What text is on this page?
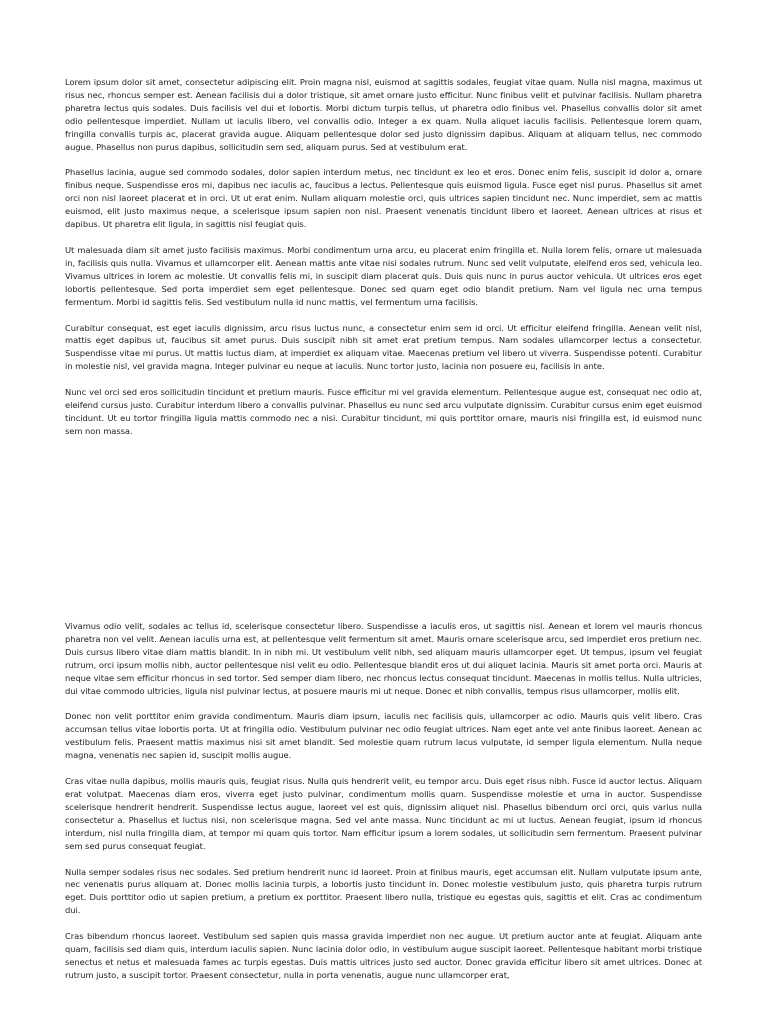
Lorem ipsum dolor sit amet, consectetur adipiscing elit. Proin magna nisl, euismod at sagittis sodales, feugiat vitae quam. Nulla nisl magna, maximus ut risus nec, rhoncus semper est. Aenean facilisis dui a dolor tristique, sit amet ornare justo efficitur. Nunc finibus velit et pulvinar facilisis. Nullam pharetra pharetra lectus quis sodales. Duis facilisis vel dui et lobortis. Morbi dictum turpis tellus, ut pharetra odio finibus vel. Phasellus convallis dolor sit amet odio pellentesque imperdiet. Nullam ut iaculis libero, vel convallis odio. Integer a ex quam. Nulla aliquet iaculis facilisis. Pellentesque lorem quam, fringilla convallis turpis ac, placerat gravida augue. Aliquam pellentesque dolor sed justo dignissim dapibus. Aliquam at aliquam tellus, nec commodo augue. Phasellus non purus dapibus, sollicitudin sem sed, aliquam purus. Sed at vestibulum erat.

Phasellus lacinia, augue sed commodo sodales, dolor sapien interdum metus, nec tincidunt ex leo et eros. Donec enim felis, suscipit id dolor a, ornare finibus neque. Suspendisse eros mi, dapibus nec iaculis ac, faucibus a lectus. Pellentesque quis euismod ligula. Fusce eget nisl purus. Phasellus sit amet orci non nisl laoreet placerat et in orci. Ut ut erat enim. Nullam aliquam molestie orci, quis ultrices sapien tincidunt nec. Nunc imperdiet, sem ac mattis euismod, elit justo maximus neque, a scelerisque ipsum sapien non nisl. Praesent venenatis tincidunt libero et laoreet. Aenean ultrices at risus et dapibus. Ut pharetra elit ligula, in sagittis nisl feugiat quis.

Ut malesuada diam sit amet justo facilisis maximus. Morbi condimentum urna arcu, eu placerat enim fringilla et. Nulla lorem felis, ornare ut malesuada in, facilisis quis nulla. Vivamus et ullamcorper elit. Aenean mattis ante vitae nisi sodales rutrum. Nunc sed velit vulputate, eleifend eros sed, vehicula leo. Vivamus ultrices in lorem ac molestie. Ut convallis felis mi, in suscipit diam placerat quis. Duis quis nunc in purus auctor vehicula. Ut ultrices eros eget lobortis pellentesque. Sed porta imperdiet sem eget pellentesque. Donec sed quam eget odio blandit pretium. Nam vel ligula nec urna tempus fermentum. Morbi id sagittis felis. Sed vestibulum nulla id nunc mattis, vel fermentum urna facilisis.

Curabitur consequat, est eget iaculis dignissim, arcu risus luctus nunc, a consectetur enim sem id orci. Ut efficitur eleifend fringilla. Aenean velit nisl, mattis eget dapibus ut, faucibus sit amet purus. Duis suscipit nibh sit amet erat pretium tempus. Nam sodales ullamcorper lectus a consectetur. Suspendisse vitae mi purus. Ut mattis luctus diam, at imperdiet ex aliquam vitae. Maecenas pretium vel libero ut viverra. Suspendisse potenti. Curabitur in molestie nisl, vel gravida magna. Integer pulvinar eu neque at iaculis. Nunc tortor justo, lacinia non posuere eu, facilisis in ante.

Nunc vel orci sed eros sollicitudin tincidunt et pretium mauris. Fusce efficitur mi vel gravida elementum. Pellentesque augue est, consequat nec odio at, eleifend cursus justo. Curabitur interdum libero a convallis pulvinar. Phasellus eu nunc sed arcu vulputate dignissim. Curabitur cursus enim eget euismod tincidunt. Ut eu tortor fringilla ligula mattis commodo nec a nisi. Curabitur tincidunt, mi quis porttitor ornare, mauris nisi fringilla est, id euismod nunc sem non massa.

Vivamus odio velit, sodales ac tellus id, scelerisque consectetur libero. Suspendisse a iaculis eros, ut sagittis nisl. Aenean et lorem vel mauris rhoncus pharetra non vel velit. Aenean iaculis urna est, at pellentesque velit fermentum sit amet. Mauris ornare scelerisque arcu, sed imperdiet eros pretium nec. Duis cursus libero vitae diam mattis blandit. In in nibh mi. Ut vestibulum velit nibh, sed aliquam mauris ullamcorper eget. Ut tempus, ipsum vel feugiat rutrum, orci ipsum mollis nibh, auctor pellentesque nisl velit eu odio. Pellentesque blandit eros ut dui aliquet lacinia. Mauris sit amet porta orci. Mauris at neque vitae sem efficitur rhoncus in sed tortor. Sed semper diam libero, nec rhoncus lectus consequat tincidunt. Maecenas in mollis tellus. Nulla ultricies, dui vitae commodo ultricies, ligula nisl pulvinar lectus, at posuere mauris mi ut neque. Donec et nibh convallis, tempus risus ullamcorper, mollis elit.

Donec non velit porttitor enim gravida condimentum. Mauris diam ipsum, iaculis nec facilisis quis, ullamcorper ac odio. Mauris quis velit libero. Cras accumsan tellus vitae lobortis porta. Ut at fringilla odio. Vestibulum pulvinar nec odio feugiat ultrices. Nam eget ante vel ante finibus laoreet. Aenean ac vestibulum felis. Praesent mattis maximus nisi sit amet blandit. Sed molestie quam rutrum lacus vulputate, id semper ligula elementum. Nulla neque magna, venenatis nec sapien id, suscipit mollis augue.

Cras vitae nulla dapibus, mollis mauris quis, feugiat risus. Nulla quis hendrerit velit, eu tempor arcu. Duis eget risus nibh. Fusce id auctor lectus. Aliquam erat volutpat. Maecenas diam eros, viverra eget justo pulvinar, condimentum mollis quam. Suspendisse molestie et urna in auctor. Suspendisse scelerisque hendrerit hendrerit. Suspendisse lectus augue, laoreet vel est quis, dignissim aliquet nisl. Phasellus bibendum orci orci, quis varius nulla consectetur a. Phasellus et luctus nisi, non scelerisque magna. Sed vel ante massa. Nunc tincidunt ac mi ut luctus. Aenean feugiat, ipsum id rhoncus interdum, nisl nulla fringilla diam, at tempor mi quam quis tortor. Nam efficitur ipsum a lorem sodales, ut sollicitudin sem fermentum. Praesent pulvinar sem sed purus consequat feugiat.

Nulla semper sodales risus nec sodales. Sed pretium hendrerit nunc id laoreet. Proin at finibus mauris, eget accumsan elit. Nullam vulputate ipsum ante, nec venenatis purus aliquam at. Donec mollis lacinia turpis, a lobortis justo tincidunt in. Donec molestie vestibulum justo, quis pharetra turpis rutrum eget. Duis porttitor odio ut sapien pretium, a pretium ex porttitor. Praesent libero nulla, tristique eu egestas quis, sagittis et elit. Cras ac condimentum dui.

Cras bibendum rhoncus laoreet. Vestibulum sed sapien quis massa gravida imperdiet non nec augue. Ut pretium auctor ante at feugiat. Aliquam ante quam, facilisis sed diam quis, interdum iaculis sapien. Nunc lacinia dolor odio, in vestibulum augue suscipit laoreet. Pellentesque habitant morbi tristique senectus et netus et malesuada fames ac turpis egestas. Duis mattis ultrices justo sed auctor. Donec gravida efficitur libero sit amet ultrices. Donec at rutrum justo, a suscipit tortor. Praesent consectetur, nulla in porta venenatis, augue nunc ullamcorper erat,
